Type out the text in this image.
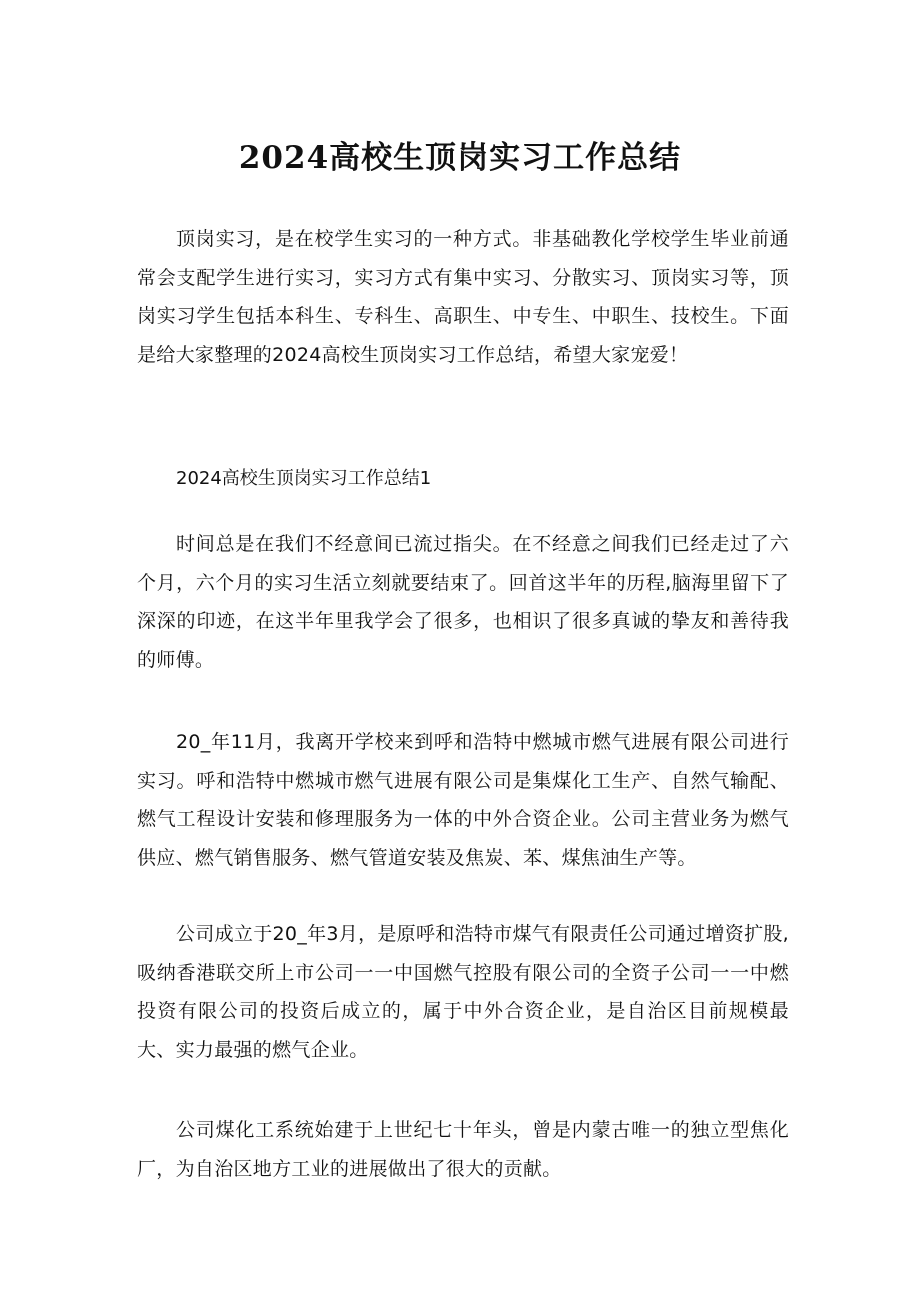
2024高校生顶岗实习工作总结

顶岗实习，是在校学生实习的一种方式。非基础教化学校学生毕业前通常会支配学生进行实习，实习方式有集中实习、分散实习、顶岗实习等，顶岗实习学生包括本科生、专科生、高职生、中专生、中职生、技校生。下面是给大家整理的2024高校生顶岗实习工作总结，希望大家宠爱！

2024高校生顶岗实习工作总结1

时间总是在我们不经意间已流过指尖。在不经意之间我们已经走过了六个月，六个月的实习生活立刻就要结束了。回首这半年的历程,脑海里留下了深深的印迹，在这半年里我学会了很多，也相识了很多真诚的挚友和善待我的师傅。

20_年11月，我离开学校来到呼和浩特中燃城市燃气进展有限公司进行实习。呼和浩特中燃城市燃气进展有限公司是集煤化工生产、自然气输配、燃气工程设计安装和修理服务为一体的中外合资企业。公司主营业务为燃气供应、燃气销售服务、燃气管道安装及焦炭、苯、煤焦油生产等。

公司成立于20_年3月，是原呼和浩特市煤气有限责任公司通过增资扩股,吸纳香港联交所上市公司一一中国燃气控股有限公司的全资子公司一一中燃投资有限公司的投资后成立的，属于中外合资企业，是自治区目前规模最大、实力最强的燃气企业。

公司煤化工系统始建于上世纪七十年头，曾是内蒙古唯一的独立型焦化厂，为自治区地方工业的进展做出了很大的贡献。
